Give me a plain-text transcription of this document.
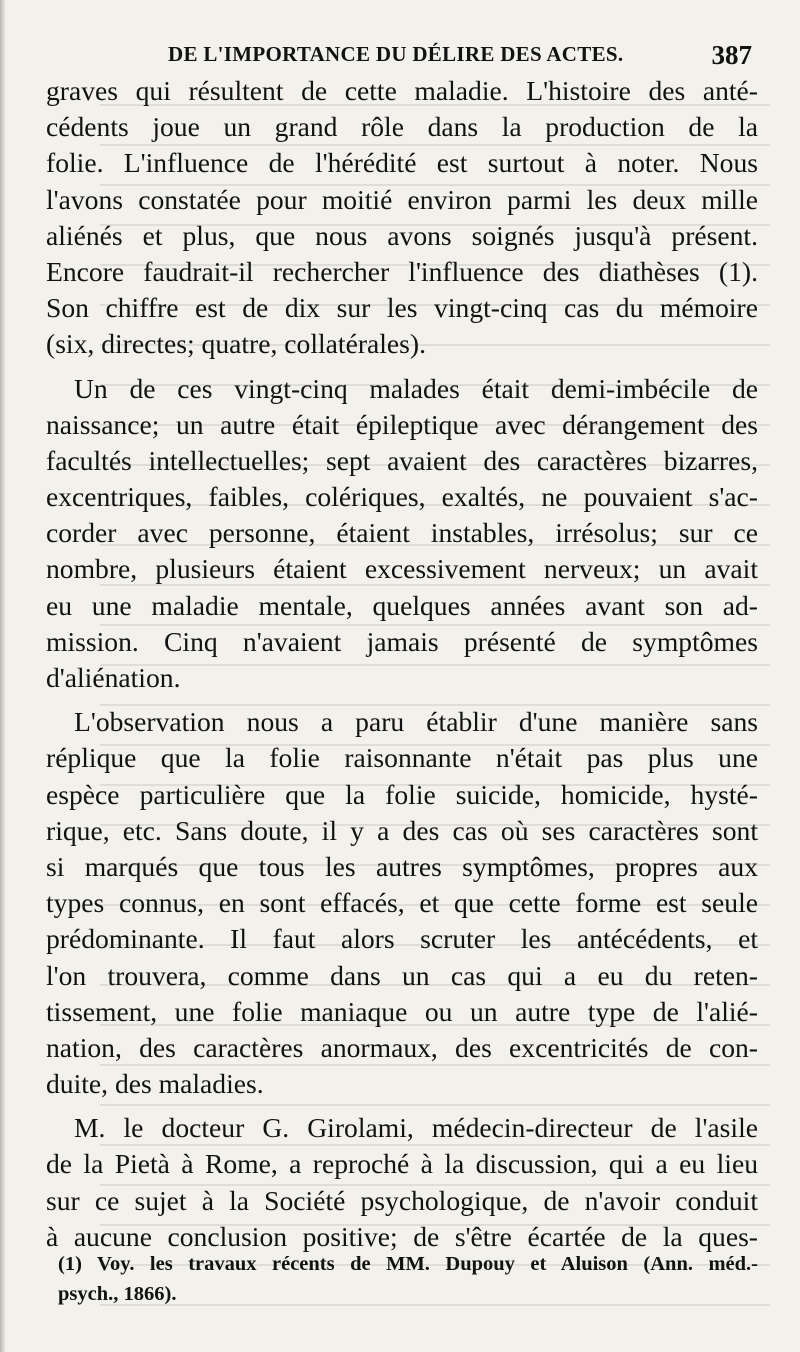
DE L'IMPORTANCE DU DÉLIRE DES ACTES.	387
graves qui résultent de cette maladie. L'histoire des anté-
cédents joue un grand rôle dans la production de la
folie. L'influence de l'hérédité est surtout à noter. Nous
l'avons constatée pour moitié environ parmi les deux mille
aliénés et plus, que nous avons soignés jusqu'à présent.
Encore faudrait-il rechercher l'influence des diathèses (1).
Son chiffre est de dix sur les vingt-cinq cas du mémoire
(six, directes; quatre, collatérales).
Un de ces vingt-cinq malades était demi-imbécile de
naissance; un autre était épileptique avec dérangement des
facultés intellectuelles; sept avaient des caractères bizarres,
excentriques, faibles, colériques, exaltés, ne pouvaient s'ac-
corder avec personne, étaient instables, irrésolus; sur ce
nombre, plusieurs étaient excessivement nerveux; un avait
eu une maladie mentale, quelques années avant son ad-
mission. Cinq n'avaient jamais présenté de symptômes
d'aliénation.
L'observation nous a paru établir d'une manière sans
réplique que la folie raisonnante n'était pas plus une
espèce particulière que la folie suicide, homicide, hysté-
rique, etc. Sans doute, il y a des cas où ses caractères sont
si marqués que tous les autres symptômes, propres aux
types connus, en sont effacés, et que cette forme est seule
prédominante. Il faut alors scruter les antécédents, et
l'on trouvera, comme dans un cas qui a eu du reten-
tissement, une folie maniaque ou un autre type de l'alié-
nation, des caractères anormaux, des excentricités de con-
duite, des maladies.
M. le docteur G. Girolami, médecin-directeur de l'asile
de la Pietà à Rome, a reproché à la discussion, qui a eu lieu
sur ce sujet à la Société psychologique, de n'avoir conduit
à aucune conclusion positive; de s'être écartée de la ques-
(1) Voy. les travaux récents de MM. Dupouy et Aluison (Ann. méd.-
psych., 1866).
